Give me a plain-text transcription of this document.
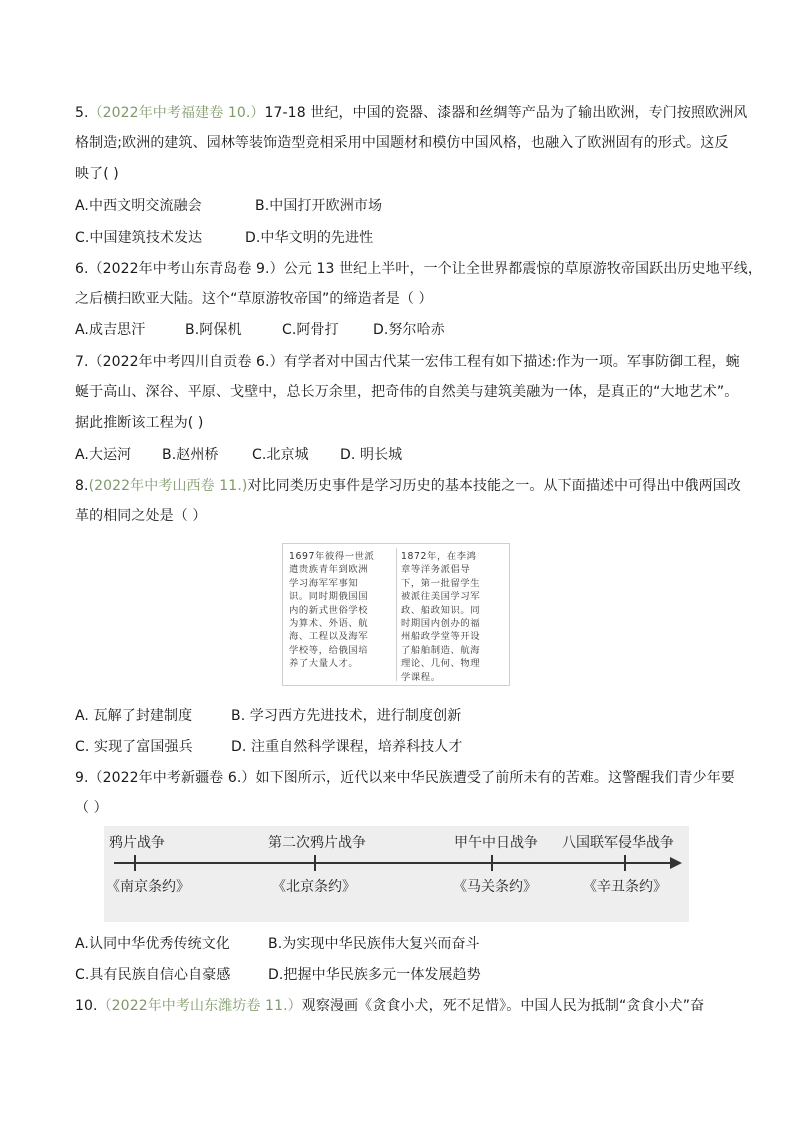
5.（2022年中考福建卷 10.）17-18 世纪，中国的瓷器、漆器和丝绸等产品为了输出欧洲，专门按照欧洲风
格制造;欧洲的建筑、园林等装饰造型竞相采用中国题材和模仿中国风格，也融入了欧洲固有的形式。这反
映了( )
A.中西文明交流融会	B.中国打开欧洲市场
C.中国建筑技术发达	D.中华文明的先进性
6.（2022年中考山东青岛卷 9.）公元 13 世纪上半叶，一个让全世界都震惊的草原游牧帝国跃出历史地平线，
之后横扫欧亚大陆。这个“草原游牧帝国”的缔造者是（ ）
A.成吉思汗	B.阿保机	C.阿骨打 D.努尔哈赤
7.（2022年中考四川自贡卷 6.）有学者对中国古代某一宏伟工程有如下描述:作为一项。军事防御工程，蜿
蜒于高山、深谷、平原、戈壁中，总长万余里，把奇伟的自然美与建筑美融为一体，是真正的“大地艺术”。
据此推断该工程为( )
A.大运河 B.赵州桥 C.北京城 D. 明长城
8.(2022年中考山西卷 11.)对比同类历史事件是学习历史的基本技能之一。从下面描述中可得出中俄两国改
革的相同之处是（ ）
1697年彼得一世派
遣贵族青年到欧洲
学习海军军事知
识。同时期俄国国
内的新式世俗学校
为算术、外语、航
海、工程以及海军
学校等，给俄国培
养了大量人才。
1872年，在李鸿
章等洋务派倡导
下，第一批留学生
被派往美国学习军
政、船政知识。同
时期国内创办的福
州船政学堂等开设
了船舶制造、航海
理论、几何、物理
学课程。
A. 瓦解了封建制度	B. 学习西方先进技术，进行制度创新
C. 实现了富国强兵	D. 注重自然科学课程，培养科技人才
9.（2022年中考新疆卷 6.）如下图所示，近代以来中华民族遭受了前所未有的苦难。这警醒我们青少年要
（ ）
鸦片战争
《南京条约》
第二次鸦片战争
《北京条约》
甲午中日战争
《马关条约》
八国联军侵华战争
《辛丑条约》
A.认同中华优秀传统文化	B.为实现中华民族伟大复兴而奋斗
C.具有民族自信心自豪感	D.把握中华民族多元一体发展趋势
10.（2022年中考山东潍坊卷 11.）观察漫画《贪食小犬，死不足惜》。中国人民为抵制“贪食小犬”奋
